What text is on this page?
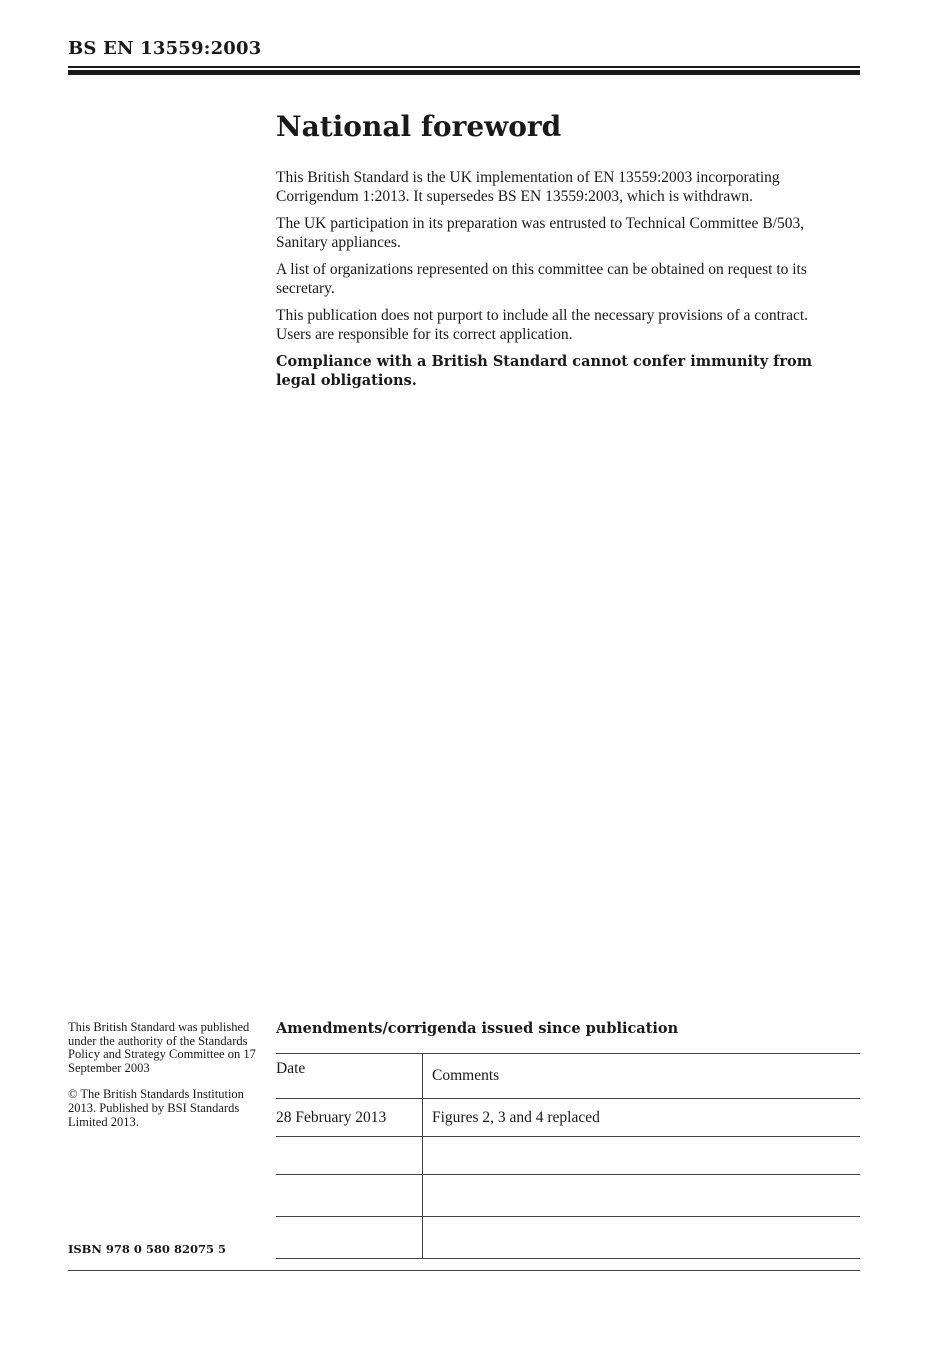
BS EN 13559:2003
National foreword

This British Standard is the UK implementation of EN 13559:2003 incorporating Corrigendum 1:2013. It supersedes BS EN 13559:2003, which is withdrawn.

The UK participation in its preparation was entrusted to Technical Committee B/503, Sanitary appliances.

A list of organizations represented on this committee can be obtained on request to its secretary.

This publication does not purport to include all the necessary provisions of a contract. Users are responsible for its correct application.

Compliance with a British Standard cannot confer immunity from legal obligations.

This British Standard was published under the authority of the Standards Policy and Strategy Committee on 17 September 2003

© The British Standards Institution 2013. Published by BSI Standards Limited 2013.

ISBN 978 0 580 82075 5
Amendments/corrigenda issued since publication
Date	Comments
28 February 2013	Figures 2, 3 and 4 replaced
